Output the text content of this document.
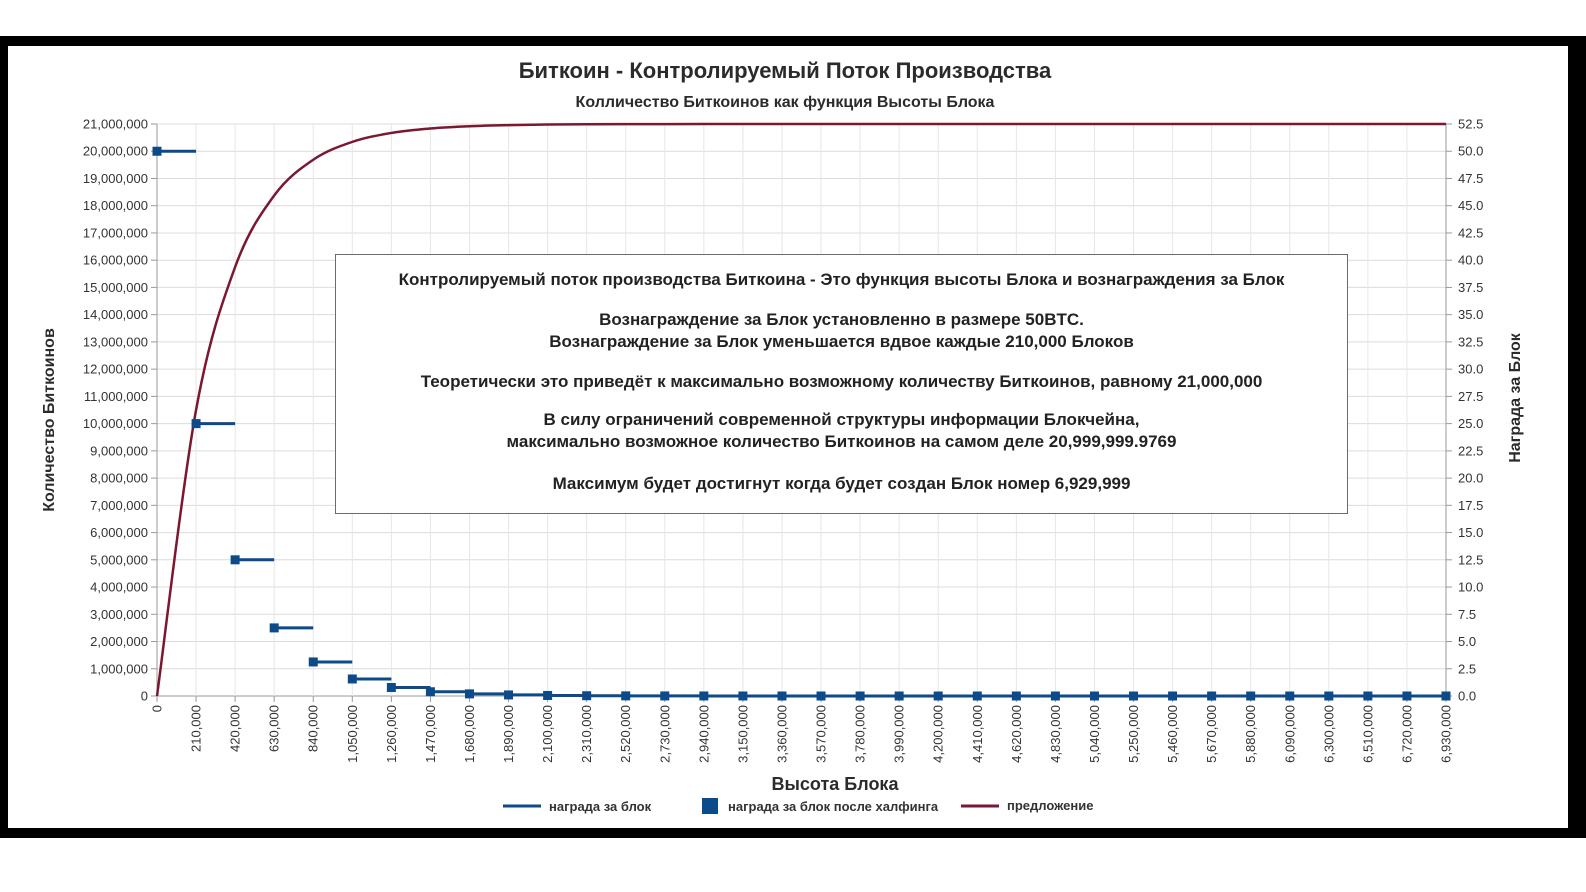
Биткоин - Контролируемый Поток Производства
Колличество Биткоинов как функция Высоты Блока
0	0.0
1,000,000	2.5
2,000,000	5.0
3,000,000	7.5
4,000,000	10.0
5,000,000	12.5
6,000,000	15.0
7,000,000	17.5
8,000,000	20.0
9,000,000	22.5
10,000,000	25.0
11,000,000	27.5
12,000,000	30.0
13,000,000	32.5
14,000,000	35.0
15,000,000	37.5
16,000,000	40.0
17,000,000	42.5
18,000,000	45.0
19,000,000	47.5
20,000,000	50.0
21,000,000	52.5
0 210,000 420,000 630,000 840,000 1,050,000 1,260,000 1,470,000 1,680,000 1,890,000 2,100,000 2,310,000 2,520,000 2,730,000 2,940,000 3,150,000 3,360,000 3,570,000 3,780,000 3,990,000 4,200,000 4,410,000 4,620,000 4,830,000 5,040,000 5,250,000 5,460,000 5,670,000 5,880,000 6,090,000 6,300,000 6,510,000 6,720,000 6,930,000
Высота Блока
Количество Биткоинов	Награда за Блок
награда за блок	награда за блок после халфинга	предложение

Контролируемый поток производства Биткоина - Это функция высоты Блока и вознаграждения за Блок

Вознаграждение за Блок установленно в размере 50BTC.

Вознаграждение за Блок уменьшается вдвое каждые 210,000 Блоков

Теоретически это приведёт к максимально возможному количеству Биткоинов, равному 21,000,000

В силу ограничений современной структуры информации Блокчейна,

максимально возможное количество Биткоинов на самом деле 20,999,999.9769

Максимум будет достигнут когда будет создан Блок номер 6,929,999
